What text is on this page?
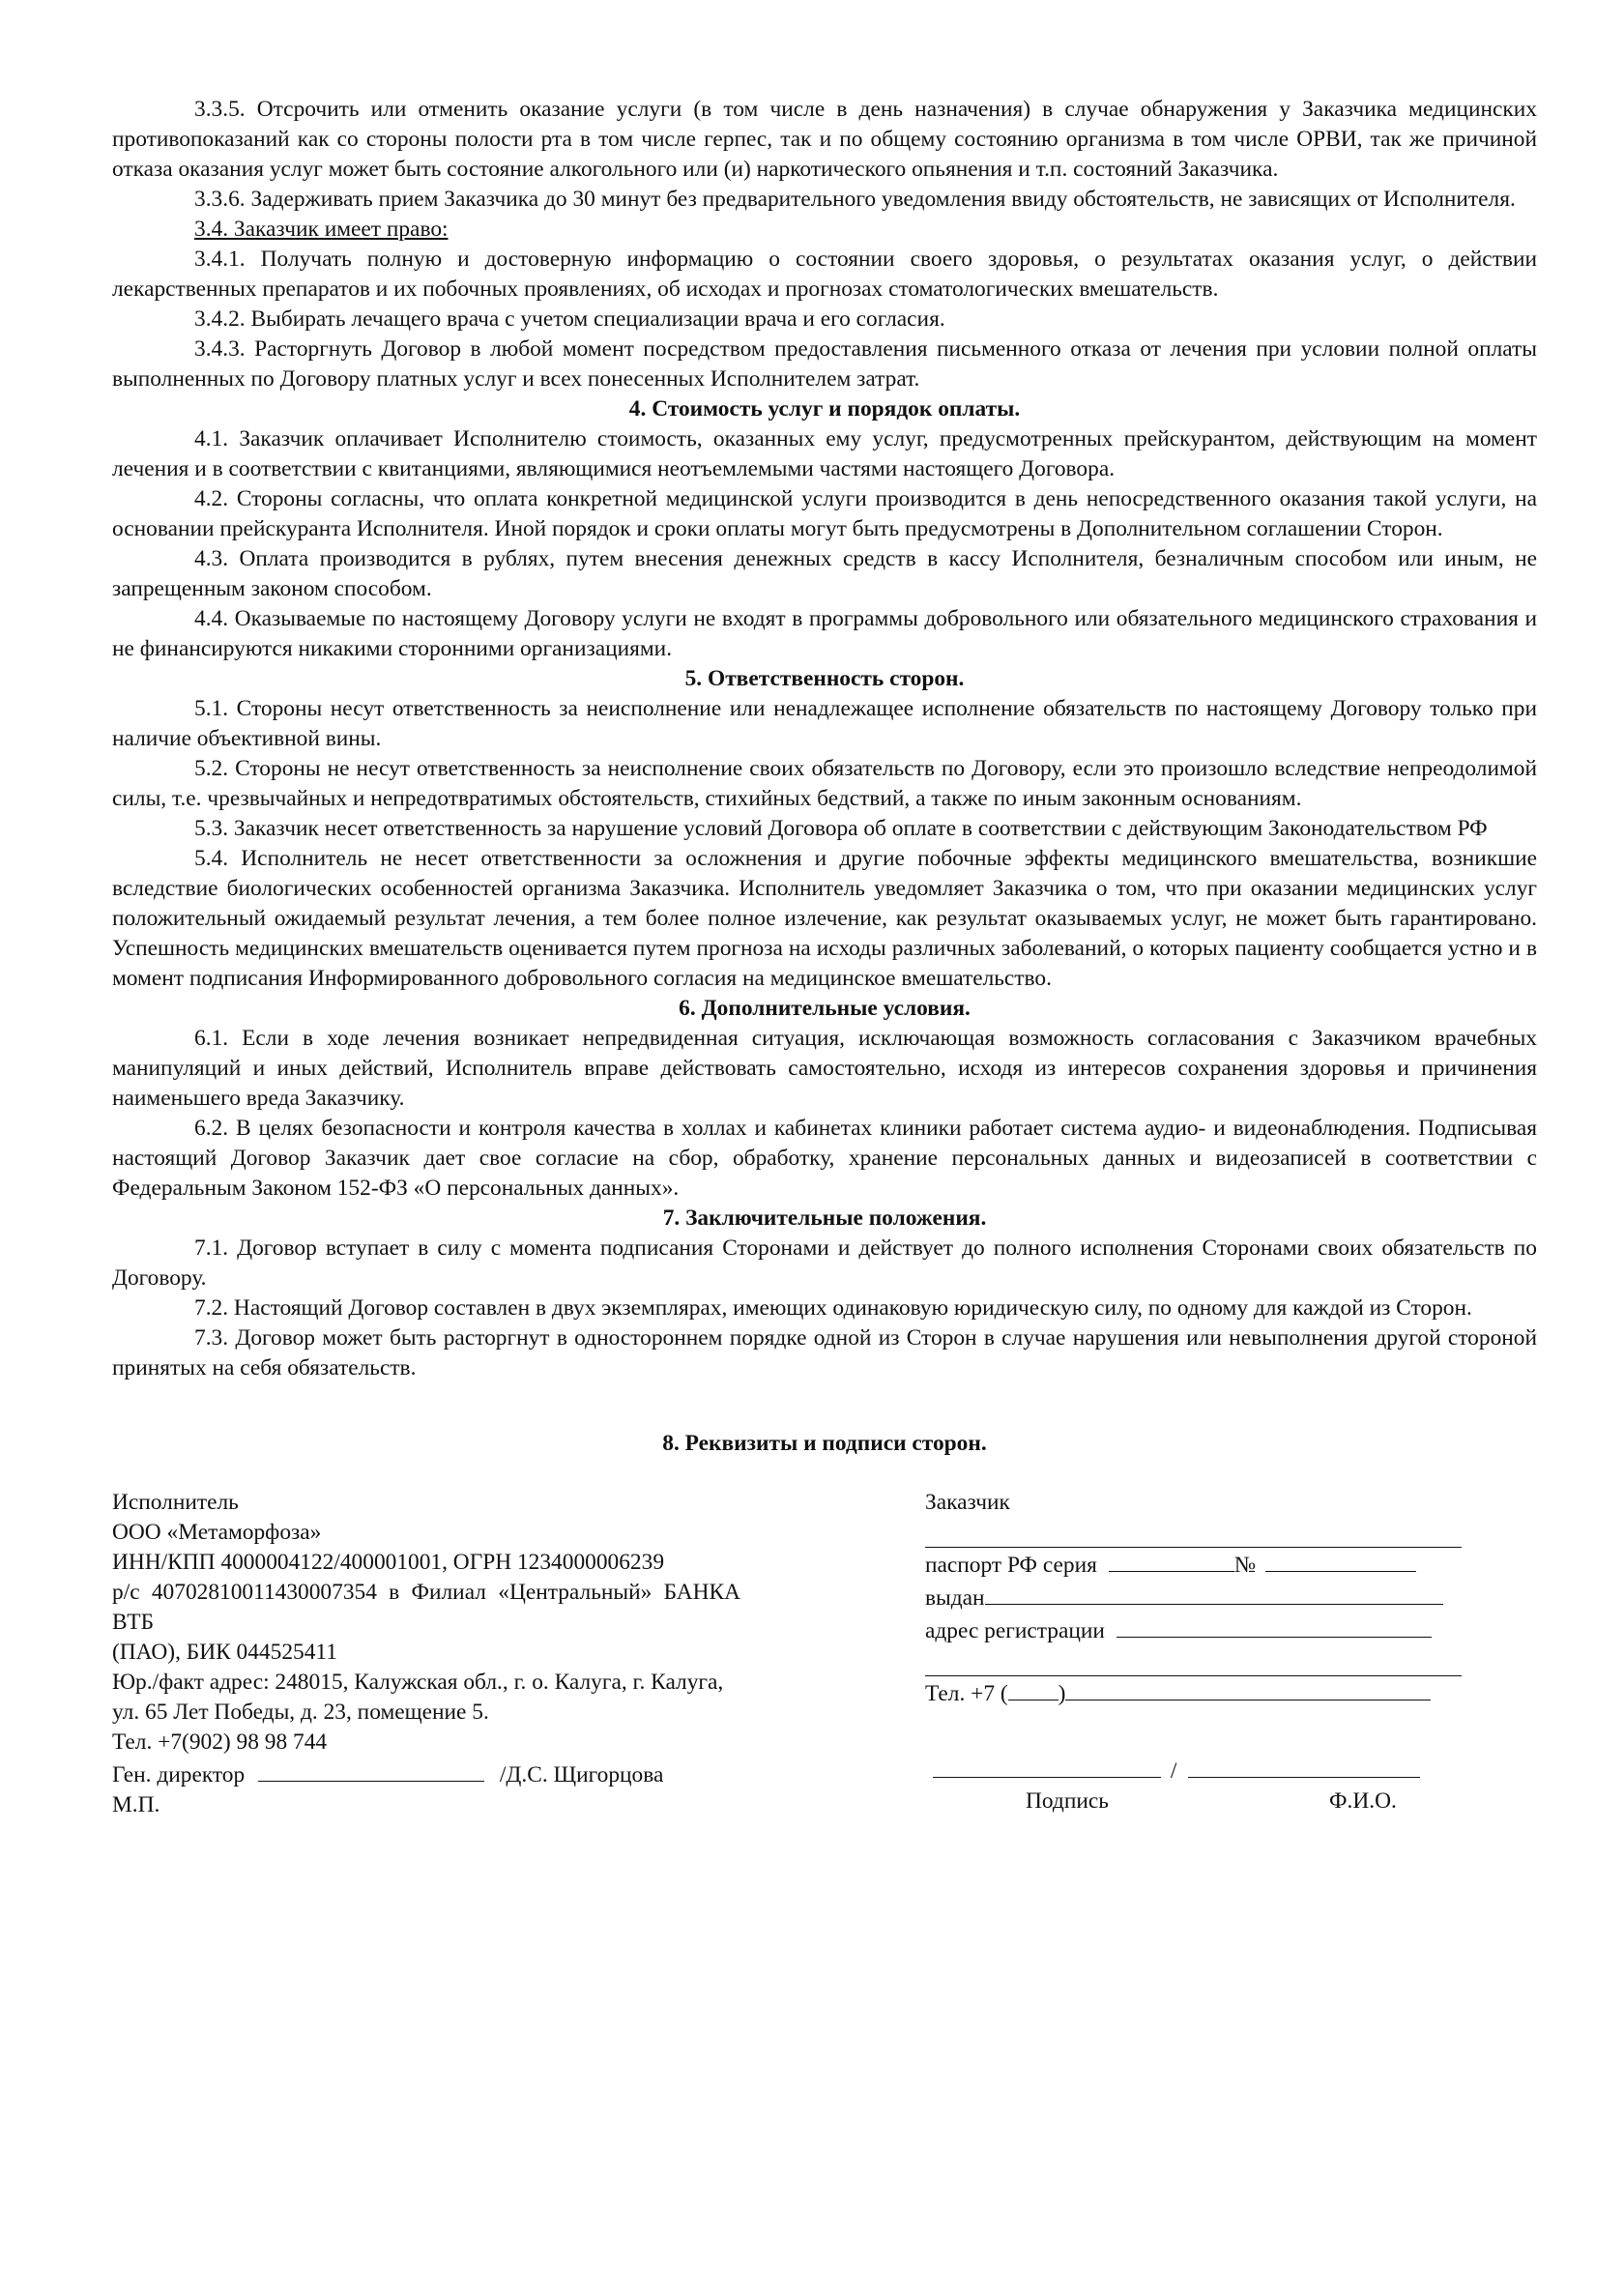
3.3.5. Отсрочить или отменить оказание услуги (в том числе в день назначения) в случае обнаружения у Заказчика медицинских противопоказаний как со стороны полости рта в том числе герпес, так и по общему состоянию организма в том числе ОРВИ, так же причиной отказа оказания услуг может быть состояние алкогольного или (и) наркотического опьянения и т.п. состояний Заказчика.

3.3.6. Задерживать прием Заказчика до 30 минут без предварительного уведомления ввиду обстоятельств, не зависящих от Исполнителя.

3.4. Заказчик имеет право:

3.4.1. Получать полную и достоверную информацию о состоянии своего здоровья, о результатах оказания услуг, о действии лекарственных препаратов и их побочных проявлениях, об исходах и прогнозах стоматологических вмешательств.

3.4.2. Выбирать лечащего врача с учетом специализации врача и его согласия.

3.4.3. Расторгнуть Договор в любой момент посредством предоставления письменного отказа от лечения при условии полной оплаты выполненных по Договору платных услуг и всех понесенных Исполнителем затрат.

4. Стоимость услуг и порядок оплаты.

4.1. Заказчик оплачивает Исполнителю стоимость, оказанных ему услуг, предусмотренных прейскурантом, действующим на момент лечения и в соответствии с квитанциями, являющимися неотъемлемыми частями настоящего Договора.

4.2. Стороны согласны, что оплата конкретной медицинской услуги производится в день непосредственного оказания такой услуги, на основании прейскуранта Исполнителя. Иной порядок и сроки оплаты могут быть предусмотрены в Дополнительном соглашении Сторон.

4.3. Оплата производится в рублях, путем внесения денежных средств в кассу Исполнителя, безналичным способом или иным, не запрещенным законом способом.

4.4. Оказываемые по настоящему Договору услуги не входят в программы добровольного или обязательного медицинского страхования и не финансируются никакими сторонними организациями.

5. Ответственность сторон.

5.1. Стороны несут ответственность за неисполнение или ненадлежащее исполнение обязательств по настоящему Договору только при наличие объективной вины.

5.2. Стороны не несут ответственность за неисполнение своих обязательств по Договору, если это произошло вследствие непреодолимой силы, т.е. чрезвычайных и непредотвратимых обстоятельств, стихийных бедствий, а также по иным законным основаниям.

5.3. Заказчик несет ответственность за нарушение условий Договора об оплате в соответствии с действующим Законодательством РФ

5.4. Исполнитель не несет ответственности за осложнения и другие побочные эффекты медицинского вмешательства, возникшие вследствие биологических особенностей организма Заказчика. Исполнитель уведомляет Заказчика о том, что при оказании медицинских услуг положительный ожидаемый результат лечения, а тем более полное излечение, как результат оказываемых услуг, не может быть гарантировано. Успешность медицинских вмешательств оценивается путем прогноза на исходы различных заболеваний, о которых пациенту сообщается устно и в момент подписания Информированного добровольного согласия на медицинское вмешательство.

6. Дополнительные условия.

6.1. Если в ходе лечения возникает непредвиденная ситуация, исключающая возможность согласования с Заказчиком врачебных манипуляций и иных действий, Исполнитель вправе действовать самостоятельно, исходя из интересов сохранения здоровья и причинения наименьшего вреда Заказчику.

6.2. В целях безопасности и контроля качества в холлах и кабинетах клиники работает система аудио- и видеонаблюдения. Подписывая настоящий Договор Заказчик дает свое согласие на сбор, обработку, хранение персональных данных и видеозаписей в соответствии с Федеральным Законом 152-ФЗ «О персональных данных».

7. Заключительные положения.

7.1. Договор вступает в силу с момента подписания Сторонами и действует до полного исполнения Сторонами своих обязательств по Договору.

7.2. Настоящий Договор составлен в двух экземплярах, имеющих одинаковую юридическую силу, по одному для каждой из Сторон.

7.3. Договор может быть расторгнут в одностороннем порядке одной из Сторон в случае нарушения или невыполнения другой стороной принятых на себя обязательств.

8. Реквизиты и подписи сторон.

Исполнитель
ООО «Метаморфоза»
ИНН/КПП 4000004122/400001001, ОГРН 1234000006239
р/с 40702810011430007354 в Филиал «Центральный» БАНКА ВТБ
(ПАО), БИК 044525411
Юр./факт адрес: 248015, Калужская обл., г. о. Калуга, г. Калуга,
ул. 65 Лет Победы, д. 23, помещение 5.
Тел. +7(902) 98 98 744
Ген. директор	/Д.С. Щигорцова
М.П.
Заказчик
паспорт РФ серия	№
выдан
адрес регистрации
Тел. +7 ( )
/
Подпись	Ф.И.О.
